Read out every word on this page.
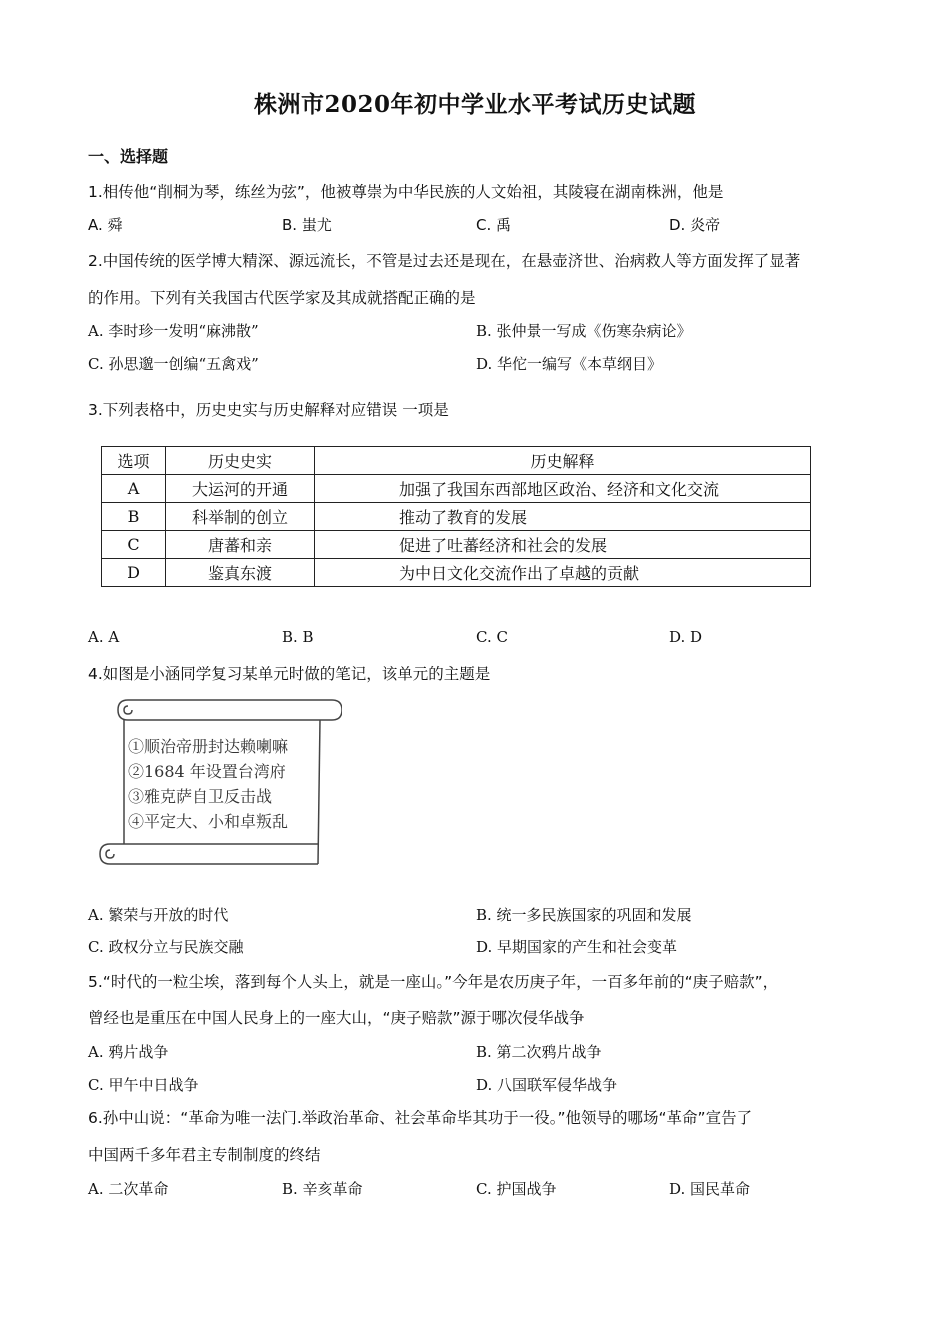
株洲市2020年初中学业水平考试历史试题
一、选择题
1.相传他“削桐为琴，练丝为弦”，他被尊崇为中华民族的人文始祖，其陵寝在湖南株洲，他是
A. 舜	B. 蚩尤	C. 禹	D. 炎帝
2.中国传统的医学博大精深、源远流长，不管是过去还是现在，在悬壶济世、治病救人等方面发挥了显著
的作用。下列有关我国古代医学家及其成就搭配正确的是
A. 李时珍一发明“麻沸散”	B. 张仲景一写成《伤寒杂病论》
C. 孙思邈一创编“五禽戏”	D. 华佗一编写《本草纲目》
3.下列表格中，历史史实与历史解释对应错误 一项是
选项	历史史实	历史解释
A	大运河的开通	加强了我国东西部地区政治、经济和文化交流
B	科举制的创立	推动了教育的发展
C	唐蕃和亲	促进了吐蕃经济和社会的发展
D	鉴真东渡	为中日文化交流作出了卓越的贡献
A. A	B. B	C. C	D. D
4.如图是小涵同学复习某单元时做的笔记，该单元的主题是
①顺治帝册封达赖喇嘛
②1684 年设置台湾府
③雅克萨自卫反击战
④平定大、小和卓叛乱
A. 繁荣与开放的时代	B. 统一多民族国家的巩固和发展
C. 政权分立与民族交融	D. 早期国家的产生和社会变革
5.“时代的一粒尘埃，落到每个人头上，就是一座山。”今年是农历庚子年，一百多年前的“庚子赔款”，
曾经也是重压在中国人民身上的一座大山，“庚子赔款”源于哪次侵华战争
A. 鸦片战争	B. 第二次鸦片战争
C. 甲午中日战争	D. 八国联军侵华战争
6.孙中山说：“革命为唯一法门.举政治革命、社会革命毕其功于一役。”他领导的哪场“革命”宣告了
中国两千多年君主专制制度的终结
A. 二次革命	B. 辛亥革命	C. 护国战争	D. 国民革命
